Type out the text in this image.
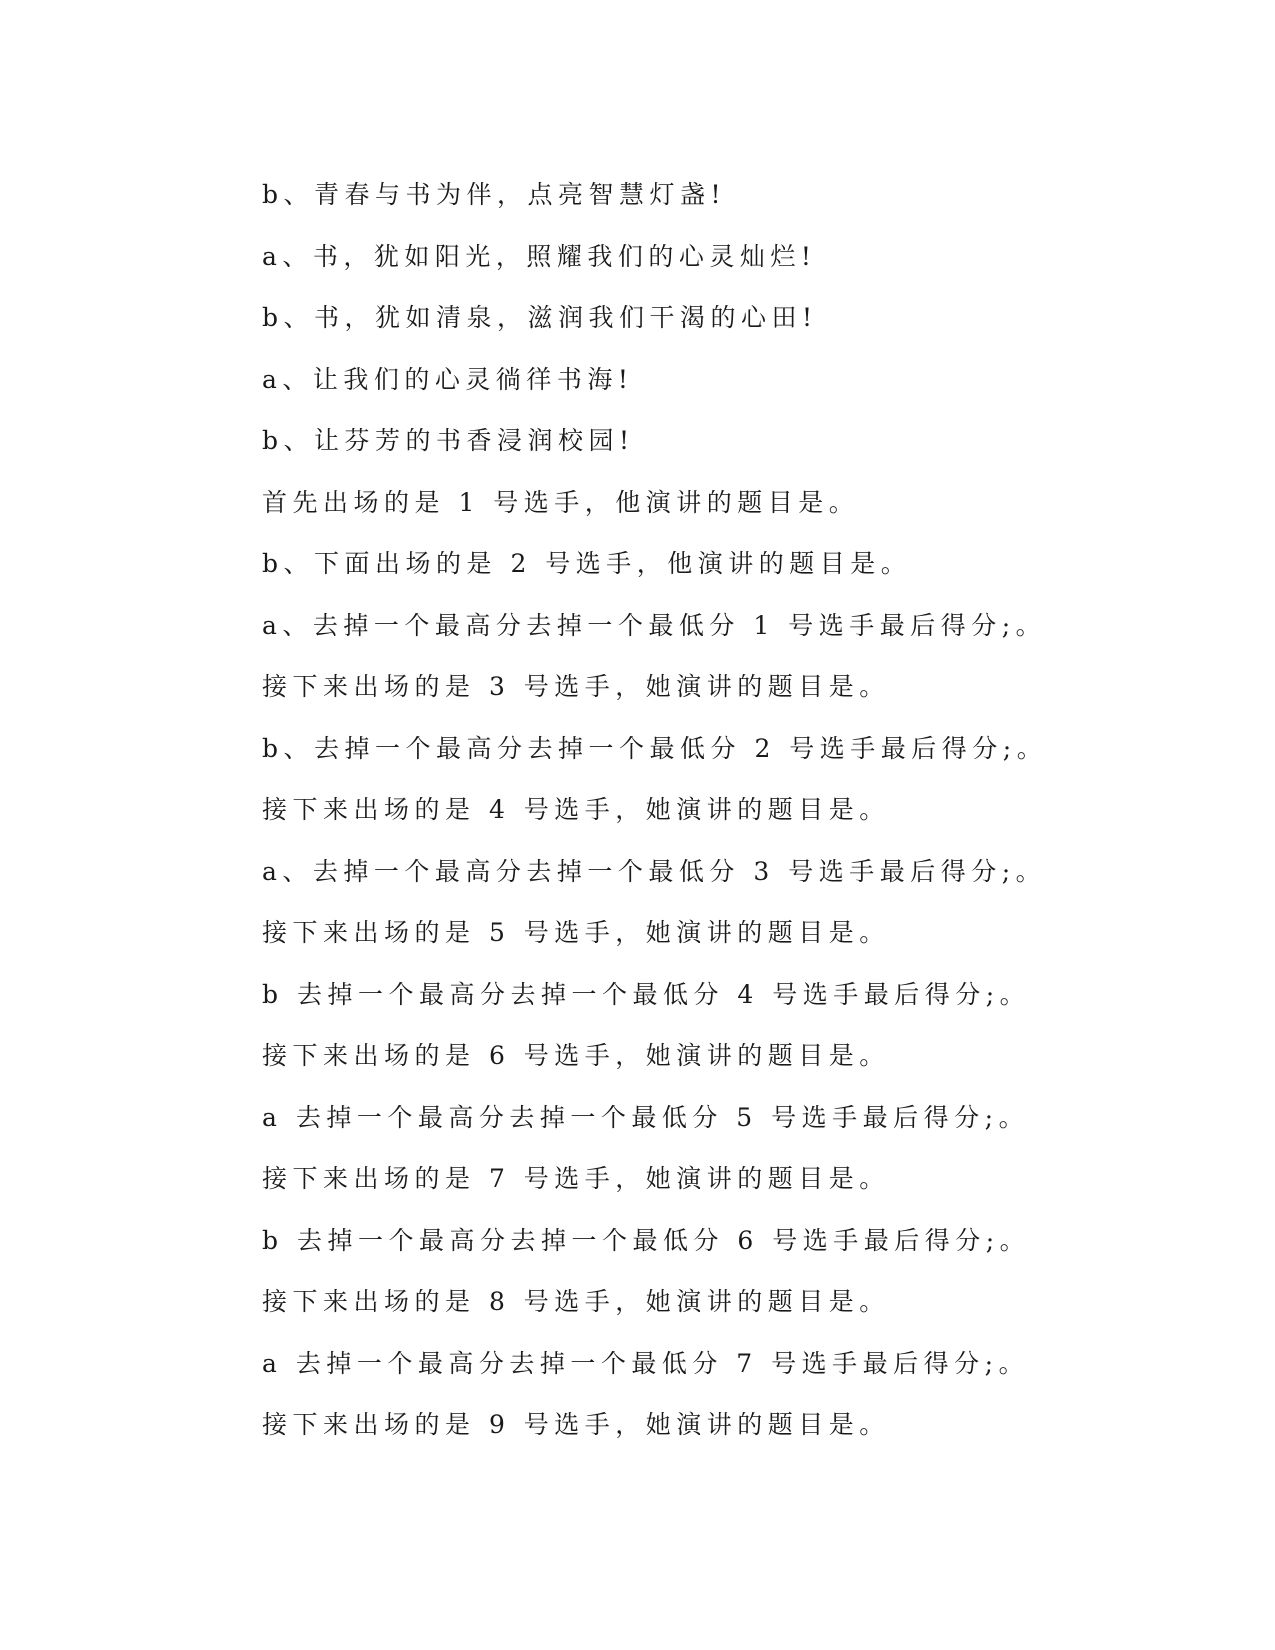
b、青春与书为伴，点亮智慧灯盏!

a、书，犹如阳光，照耀我们的心灵灿烂!

b、书，犹如清泉，滋润我们干渴的心田!

a、让我们的心灵徜徉书海!

b、让芬芳的书香浸润校园!

首先出场的是 1 号选手，他演讲的题目是。

b、下面出场的是 2 号选手，他演讲的题目是。

a、去掉一个最高分去掉一个最低分 1 号选手最后得分;。

接下来出场的是 3 号选手，她演讲的题目是。

b、去掉一个最高分去掉一个最低分 2 号选手最后得分;。

接下来出场的是 4 号选手，她演讲的题目是。

a、去掉一个最高分去掉一个最低分 3 号选手最后得分;。

接下来出场的是 5 号选手，她演讲的题目是。

b 去掉一个最高分去掉一个最低分 4 号选手最后得分;。

接下来出场的是 6 号选手，她演讲的题目是。

a 去掉一个最高分去掉一个最低分 5 号选手最后得分;。

接下来出场的是 7 号选手，她演讲的题目是。

b 去掉一个最高分去掉一个最低分 6 号选手最后得分;。

接下来出场的是 8 号选手，她演讲的题目是。

a 去掉一个最高分去掉一个最低分 7 号选手最后得分;。

接下来出场的是 9 号选手，她演讲的题目是。
